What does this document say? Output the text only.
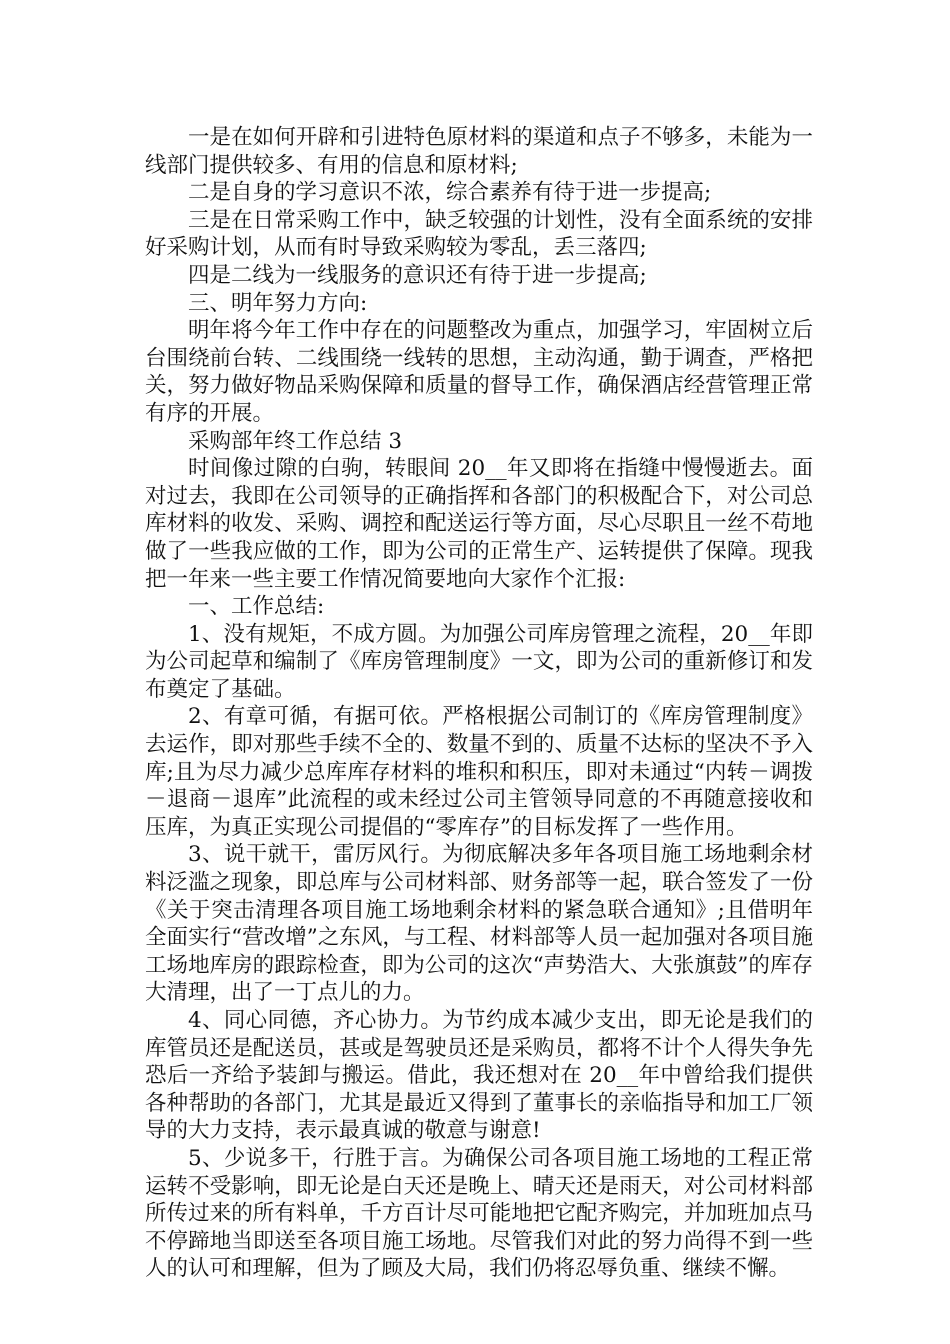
一是在如何开辟和引进特色原材料的渠道和点子不够多，未能为一线部门提供较多、有用的信息和原材料;

二是自身的学习意识不浓，综合素养有待于进一步提高;

三是在日常采购工作中，缺乏较强的计划性，没有全面系统的安排好采购计划，从而有时导致采购较为零乱，丢三落四;

四是二线为一线服务的意识还有待于进一步提高;

三、明年努力方向:

明年将今年工作中存在的问题整改为重点，加强学习，牢固树立后台围绕前台转、二线围绕一线转的思想，主动沟通，勤于调查，严格把关，努力做好物品采购保障和质量的督导工作，确保酒店经营管理正常有序的开展。

采购部年终工作总结 3

时间像过隙的白驹，转眼间 20__年又即将在指缝中慢慢逝去。面对过去，我即在公司领导的正确指挥和各部门的积极配合下，对公司总库材料的收发、采购、调控和配送运行等方面，尽心尽职且一丝不苟地做了一些我应做的工作，即为公司的正常生产、运转提供了保障。现我把一年来一些主要工作情况简要地向大家作个汇报:

一、工作总结:

1、没有规矩，不成方圆。为加强公司库房管理之流程，20__年即为公司起草和编制了《库房管理制度》一文，即为公司的重新修订和发布奠定了基础。

2、有章可循，有据可依。严格根据公司制订的《库房管理制度》去运作，即对那些手续不全的、数量不到的、质量不达标的坚决不予入库;且为尽力减少总库库存材料的堆积和积压，即对未通过“内转－调拨－退商－退库”此流程的或未经过公司主管领导同意的不再随意接收和压库，为真正实现公司提倡的“零库存”的目标发挥了一些作用。

3、说干就干，雷厉风行。为彻底解决多年各项目施工场地剩余材料泛滥之现象，即总库与公司材料部、财务部等一起，联合签发了一份《关于突击清理各项目施工场地剩余材料的紧急联合通知》;且借明年全面实行“营改增”之东风，与工程、材料部等人员一起加强对各项目施工场地库房的跟踪检查，即为公司的这次“声势浩大、大张旗鼓”的库存大清理，出了一丁点儿的力。

4、同心同德，齐心协力。为节约成本减少支出，即无论是我们的库管员还是配送员，甚或是驾驶员还是采购员，都将不计个人得失争先恐后一齐给予装卸与搬运。借此，我还想对在 20__年中曾给我们提供各种帮助的各部门，尤其是最近又得到了董事长的亲临指导和加工厂领导的大力支持，表示最真诚的敬意与谢意!

5、少说多干，行胜于言。为确保公司各项目施工场地的工程正常运转不受影响，即无论是白天还是晚上、晴天还是雨天，对公司材料部所传过来的所有料单，千方百计尽可能地把它配齐购完，并加班加点马不停蹄地当即送至各项目施工场地。尽管我们对此的努力尚得不到一些人的认可和理解，但为了顾及大局，我们仍将忍辱负重、继续不懈。
